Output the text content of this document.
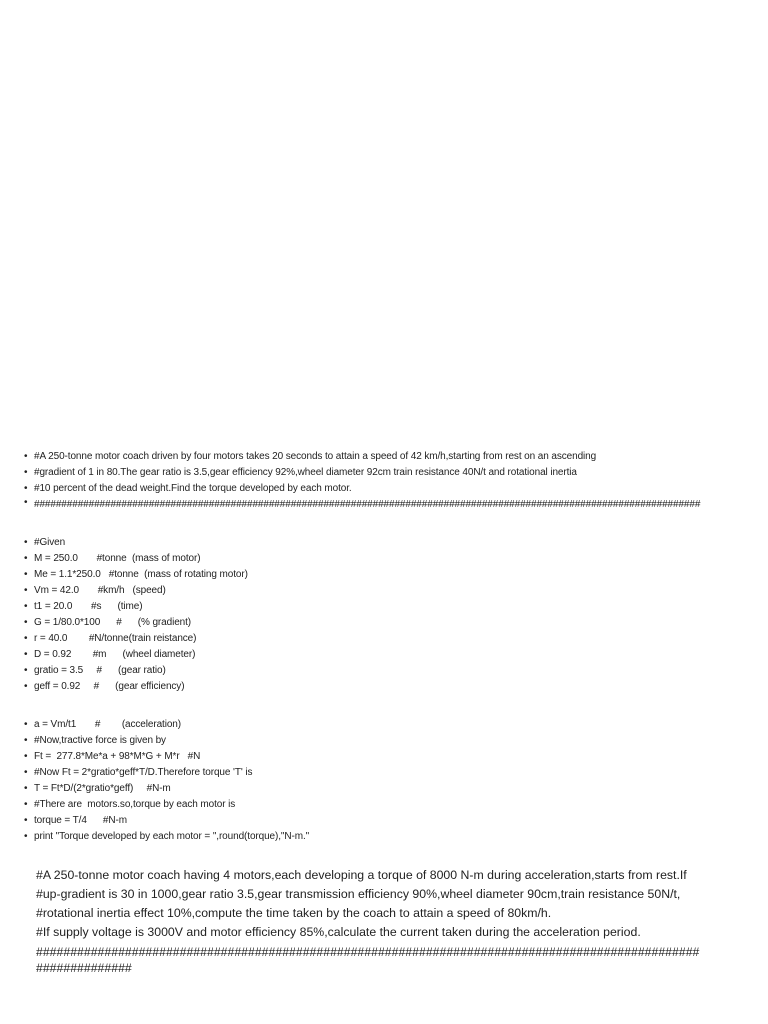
• #A 250-tonne motor coach driven by four motors takes 20 seconds to attain a speed of 42 km/h,starting from rest on an ascending
• #gradient of 1 in 80.The gear ratio is 3.5,gear efficiency 92%,wheel diameter 92cm train resistance 40N/t and rotational inertia
• #10 percent of the dead weight.Find the torque developed by each motor.
• ##########################################################################################################################
• #Given
• M = 250.0       #tonne  (mass of motor)
• Me = 1.1*250.0   #tonne  (mass of rotating motor)
• Vm = 42.0       #km/h   (speed)
• t1 = 20.0       #s      (time)
• G = 1/80.0*100      #      (% gradient)
• r = 40.0        #N/tonne(train reistance)
• D = 0.92        #m      (wheel diameter)
• gratio = 3.5     #      (gear ratio)
• geff = 0.92     #      (gear efficiency)
• a = Vm/t1       #        (acceleration)
• #Now,tractive force is given by
• Ft =  277.8*Me*a + 98*M*G + M*r   #N
• #Now Ft = 2*gratio*geff*T/D.Therefore torque 'T' is
• T = Ft*D/(2*gratio*geff)     #N-m
• #There are  motors.so,torque by each motor is
• torque = T/4      #N-m
• print "Torque developed by each motor = ",round(torque),"N-m."
#A 250-tonne motor coach having 4 motors,each developing a torque of 8000 N-m during acceleration,starts from rest.If
#up-gradient is 30 in 1000,gear ratio 3.5,gear transmission efficiency 90%,wheel diameter 90cm,train resistance 50N/t,
#rotational inertia effect 10%,compute the time taken by the coach to attain a speed of 80km/h.
#If supply voltage is 3000V and motor efficiency 85%,calculate the current taken during the acceleration period.
###############################################################################################################
